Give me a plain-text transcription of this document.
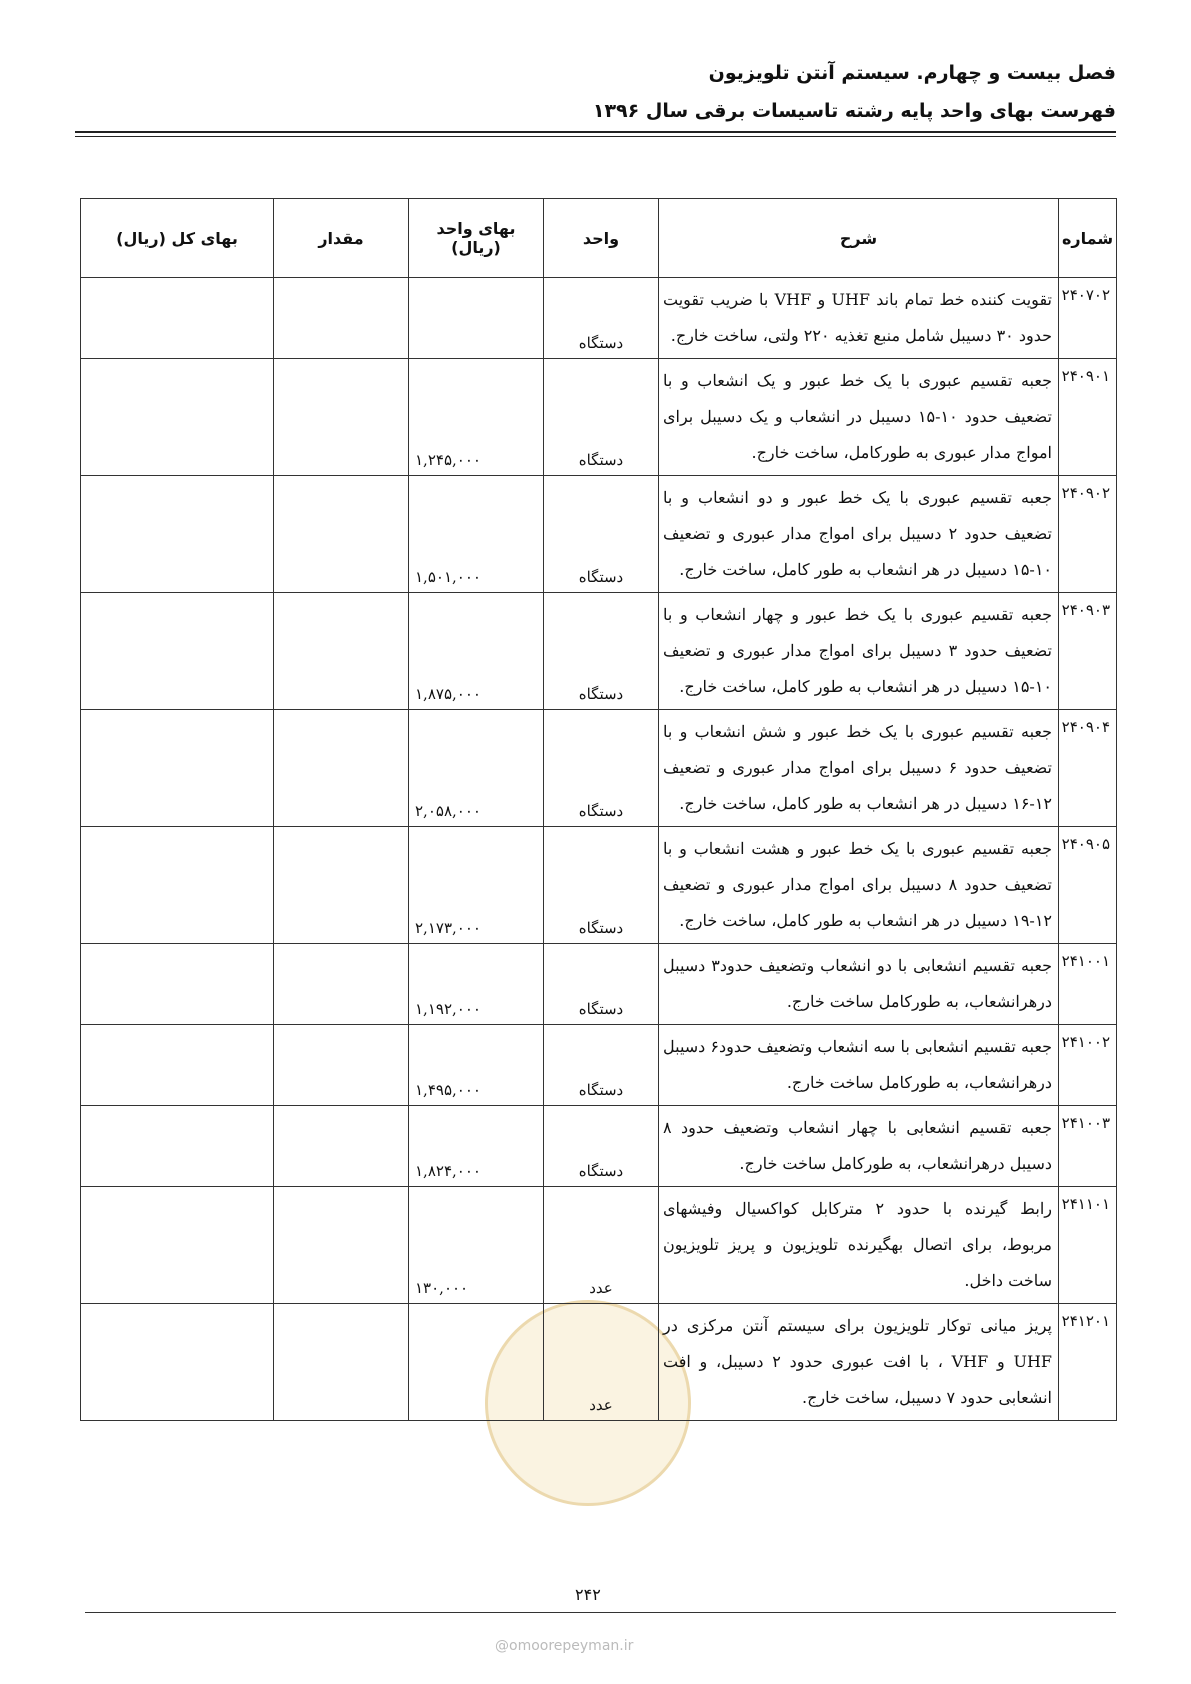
فصل بیست و چهارم. سیستم آنتن تلویزیون
فهرست بهای واحد پایه رشته تاسیسات برقی سال ۱۳۹۶
شماره	شرح	واحد	بهای واحد (ریال)	مقدار	بهای کل (ریال)
۲۴۰۷۰۲	تقویت کننده خط تمام باند UHF و VHF با ضریب تقویت حدود ۳۰ دسیبل شامل منبع تغذیه ۲۲۰ ولتی، ساخت خارج.	دستگاه			
۲۴۰۹۰۱	جعبه تقسیم عبوری با یک خط عبور و یک انشعاب و با تضعیف حدود ۱۰-۱۵ دسیبل در انشعاب و یک دسیبل برای امواج مدار عبوری به طورکامل، ساخت خارج.	دستگاه	۱,۲۴۵,۰۰۰		
۲۴۰۹۰۲	جعبه تقسیم عبوری با یک خط عبور و دو انشعاب و با تضعیف حدود ۲ دسیبل برای امواج مدار عبوری و تضعیف ۱۰-۱۵ دسیبل در هر انشعاب به طور کامل، ساخت خارج.	دستگاه	۱,۵۰۱,۰۰۰		
۲۴۰۹۰۳	جعبه تقسیم عبوری با یک خط عبور و چهار انشعاب و با تضعیف حدود ۳ دسیبل برای امواج مدار عبوری و تضعیف ۱۰-۱۵ دسیبل در هر انشعاب به طور کامل، ساخت خارج.	دستگاه	۱,۸۷۵,۰۰۰		
۲۴۰۹۰۴	جعبه تقسیم عبوری با یک خط عبور و شش انشعاب و با تضعیف حدود ۶ دسیبل برای امواج مدار عبوری و تضعیف ۱۲-۱۶ دسیبل در هر انشعاب به طور کامل، ساخت خارج.	دستگاه	۲,۰۵۸,۰۰۰		
۲۴۰۹۰۵	جعبه تقسیم عبوری با یک خط عبور و هشت انشعاب و با تضعیف حدود ۸ دسیبل برای امواج مدار عبوری و تضعیف ۱۲-۱۹ دسیبل در هر انشعاب به طور کامل، ساخت خارج.	دستگاه	۲,۱۷۳,۰۰۰		
۲۴۱۰۰۱	جعبه تقسیم انشعابی با دو انشعاب وتضعیف حدود۳ دسیبل درهرانشعاب، به طورکامل ساخت خارج.	دستگاه	۱,۱۹۲,۰۰۰		
۲۴۱۰۰۲	جعبه تقسیم انشعابی با سه انشعاب وتضعیف حدود۶ دسیبل درهرانشعاب، به طورکامل ساخت خارج.	دستگاه	۱,۴۹۵,۰۰۰		
۲۴۱۰۰۳	جعبه تقسیم انشعابی با چهار انشعاب وتضعیف حدود ۸ دسیبل درهرانشعاب، به طورکامل ساخت خارج.	دستگاه	۱,۸۲۴,۰۰۰		
۲۴۱۱۰۱	رابط گیرنده با حدود ۲ مترکابل کواکسیال وفیشهای مربوط، برای اتصال بهگیرنده تلویزیون و پریز تلویزیون ساخت داخل.	عدد	۱۳۰,۰۰۰		
۲۴۱۲۰۱	پریز میانی توکار تلویزیون برای سیستم آنتن مرکزی در UHF و VHF ، با افت عبوری حدود ۲ دسیبل، و افت انشعابی حدود ۷ دسیبل، ساخت خارج.	عدد			
۲۴۲
@omoorepeyman.ir
